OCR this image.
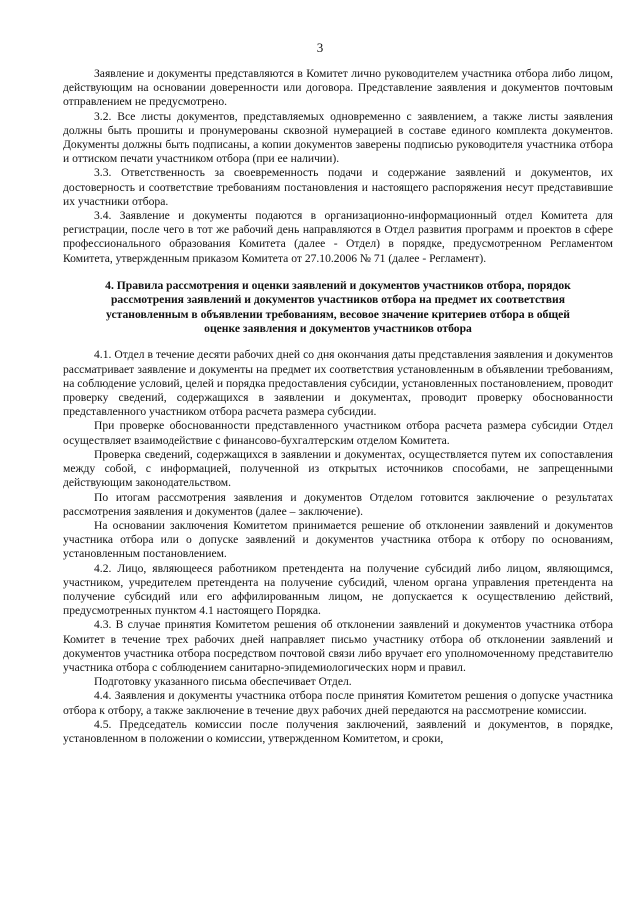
3

Заявление и документы представляются в Комитет лично руководителем участника отбора либо лицом, действующим на основании доверенности или договора. Представление заявления и документов почтовым отправлением не предусмотрено.

3.2. Все листы документов, представляемых одновременно с заявлением, а также листы заявления должны быть прошиты и пронумерованы сквозной нумерацией в составе единого комплекта документов. Документы должны быть подписаны, а копии документов заверены подписью руководителя участника отбора и оттиском печати участником отбора (при ее наличии).

3.3. Ответственность за своевременность подачи и содержание заявлений и документов, их достоверность и соответствие требованиям постановления и настоящего распоряжения несут представившие их участники отбора.

3.4. Заявление и документы подаются в организационно-информационный отдел Комитета для регистрации, после чего в тот же рабочий день направляются в Отдел развития программ и проектов в сфере профессионального образования Комитета (далее - Отдел) в порядке, предусмотренном Регламентом Комитета, утвержденным приказом Комитета от 27.10.2006 № 71 (далее - Регламент).

4. Правила рассмотрения и оценки заявлений и документов участников отбора, порядок
рассмотрения заявлений и документов участников отбора на предмет их соответствия
установленным в объявлении требованиям, весовое значение критериев отбора в общей
оценке заявления и документов участников отбора

4.1. Отдел в течение десяти рабочих дней со дня окончания даты представления заявления и документов рассматривает заявление и документы на предмет их соответствия установленным в объявлении требованиям, на соблюдение условий, целей и порядка предоставления субсидии, установленных постановлением, проводит проверку сведений, содержащихся в заявлении и документах, проводит проверку обоснованности представленного участником отбора расчета размера субсидии.

При проверке обоснованности представленного участником отбора расчета размера субсидии Отдел осуществляет взаимодействие с финансово-бухгалтерским отделом Комитета.

Проверка сведений, содержащихся в заявлении и документах, осуществляется путем их сопоставления между собой, с информацией, полученной из открытых источников способами, не запрещенными действующим законодательством.

По итогам рассмотрения заявления и документов Отделом готовится заключение о результатах рассмотрения заявления и документов (далее – заключение).

На основании заключения Комитетом принимается решение об отклонении заявлений и документов участника отбора или о допуске заявлений и документов участника отбора к отбору по основаниям, установленным постановлением.

4.2. Лицо, являющееся работником претендента на получение субсидий либо лицом, являющимся, участником, учредителем претендента на получение субсидий, членом органа управления претендента на получение субсидий или его аффилированным лицом, не допускается к осуществлению действий, предусмотренных пунктом 4.1 настоящего Порядка.

4.3. В случае принятия Комитетом решения об отклонении заявлений и документов участника отбора Комитет в течение трех рабочих дней направляет письмо участнику отбора об отклонении заявлений и документов участника отбора посредством почтовой связи либо вручает его уполномоченному представителю участника отбора с соблюдением санитарно-эпидемиологических норм и правил.

Подготовку указанного письма обеспечивает Отдел.

4.4. Заявления и документы участника отбора после принятия Комитетом решения о допуске участника отбора к отбору, а также заключение в течение двух рабочих дней передаются на рассмотрение комиссии.

4.5. Председатель комиссии после получения заключений, заявлений и документов, в порядке, установленном в положении о комиссии, утвержденном Комитетом, и сроки,
